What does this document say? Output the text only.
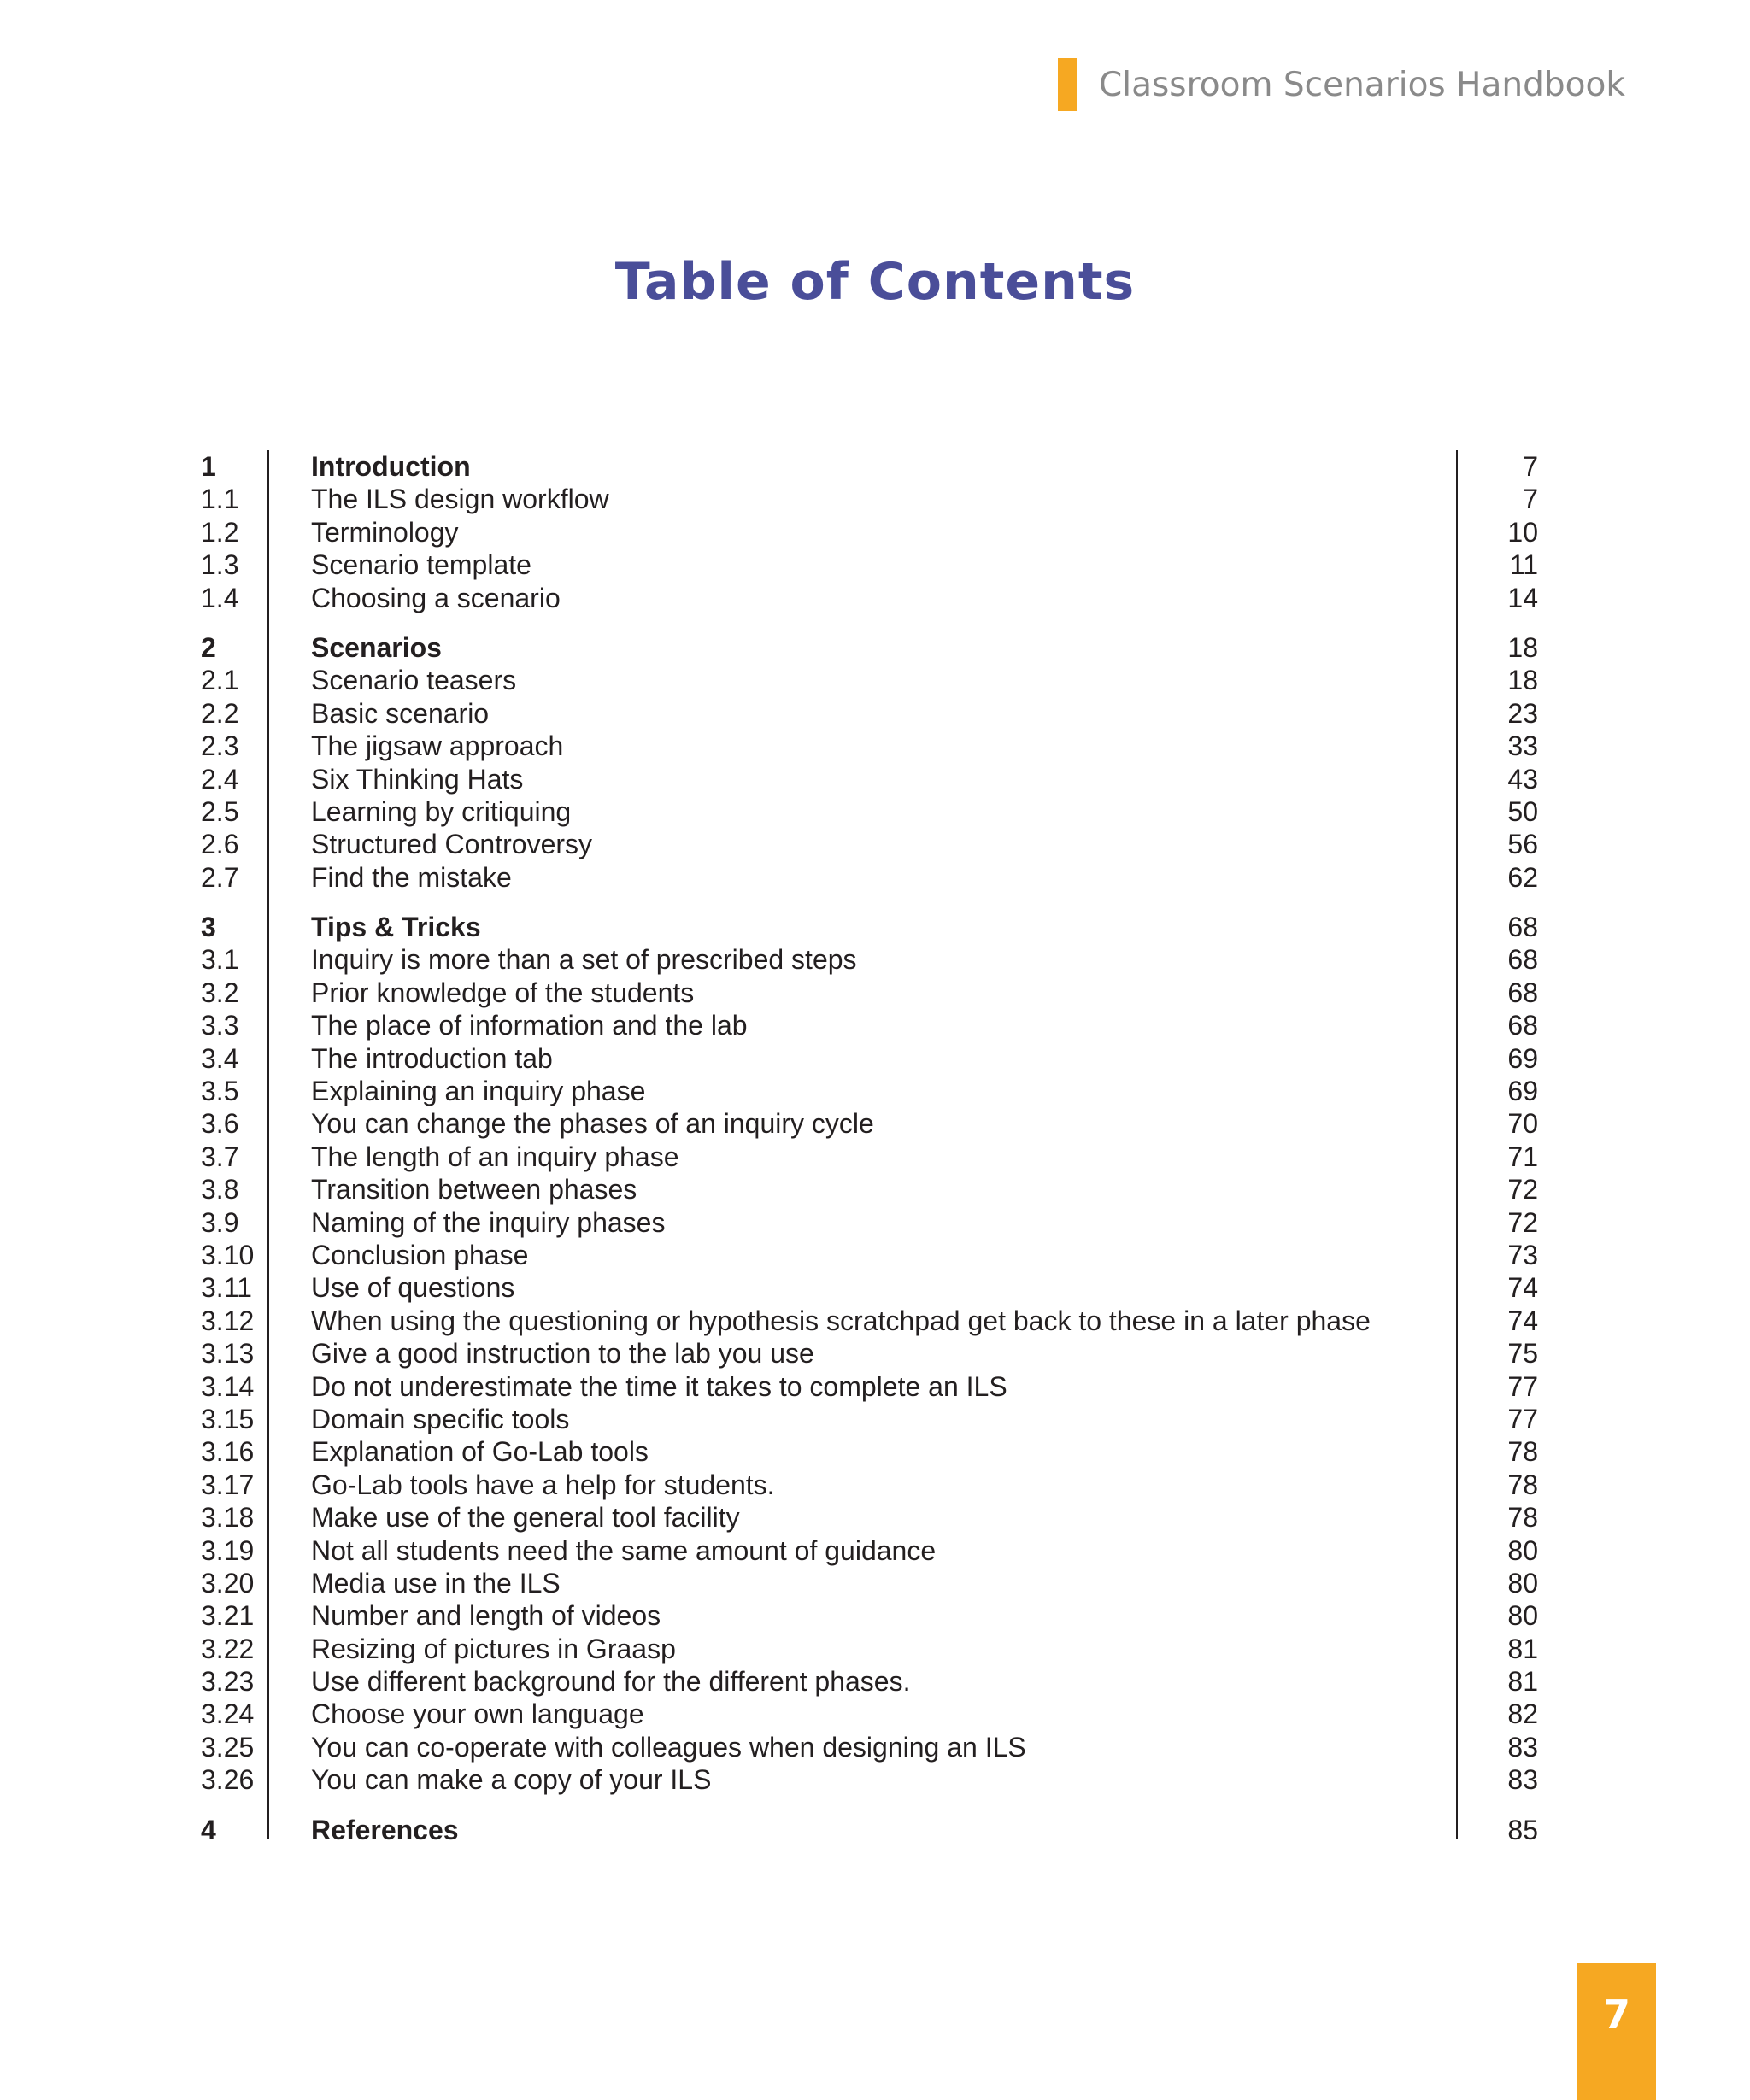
Classroom Scenarios Handbook
Table of Contents
1	Introduction	7
1.1	The ILS design workflow	7
1.2	Terminology	10
1.3	Scenario template	11
1.4	Choosing a scenario	14
2	Scenarios	18
2.1	Scenario teasers	18
2.2	Basic scenario	23
2.3	The jigsaw approach	33
2.4	Six Thinking Hats	43
2.5	Learning by critiquing	50
2.6	Structured Controversy	56
2.7	Find the mistake	62
3	Tips & Tricks	68
3.1	Inquiry is more than a set of prescribed steps	68
3.2	Prior knowledge of the students	68
3.3	The place of information and the lab	68
3.4	The introduction tab	69
3.5	Explaining an inquiry phase	69
3.6	You can change the phases of an inquiry cycle	70
3.7	The length of an inquiry phase	71
3.8	Transition between phases	72
3.9	Naming of the inquiry phases	72
3.10 Conclusion phase	73
3.11 Use of questions	74
3.12 When using the questioning or hypothesis scratchpad get back to these in a later phase	74
3.13 Give a good instruction to the lab you use	75
3.14 Do not underestimate the time it takes to complete an ILS	77
3.15 Domain specific tools	77
3.16 Explanation of Go-Lab tools	78
3.17 Go-Lab tools have a help for students.	78
3.18 Make use of the general tool facility	78
3.19 Not all students need the same amount of guidance	80
3.20 Media use in the ILS	80
3.21 Number and length of videos	80
3.22 Resizing of pictures in Graasp	81
3.23 Use different background for the different phases.	81
3.24 Choose your own language	82
3.25 You can co-operate with colleagues when designing an ILS	83
3.26 You can make a copy of your ILS	83
4	References	85
7
